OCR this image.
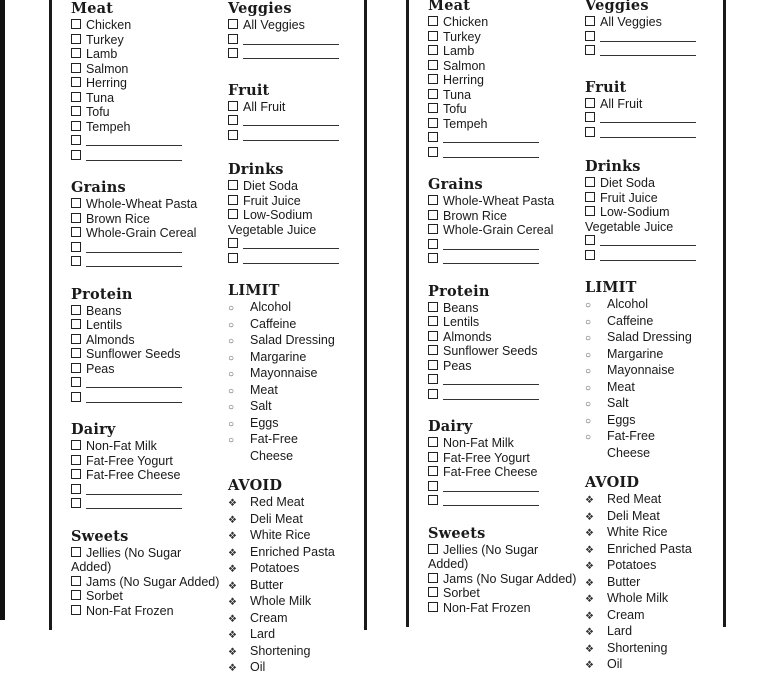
Meat
Chicken
Turkey
Lamb
Salmon
Herring
Tuna
Tofu
Tempeh
Grains
Whole-Wheat Pasta
Brown Rice
Whole-Grain Cereal
Protein
Beans
Lentils
Almonds
Sunflower Seeds
Peas
Dairy
Non-Fat Milk
Fat-Free Yogurt
Fat-Free Cheese
Sweets
Jellies (No Sugar Added)
Jams (No Sugar Added)
Sorbet
Non-Fat Frozen
Veggies
All Veggies
Fruit
All Fruit
Drinks
Diet Soda
Fruit Juice
Low-Sodium Vegetable Juice
LIMIT
○ Alcohol
○ Caffeine
○ Salad Dressing
○ Margarine
○ Mayonnaise
○ Meat
○ Salt
○ Eggs
○ Fat-Free
Cheese
AVOID
❖ Red Meat
❖ Deli Meat
❖ White Rice
❖ Enriched Pasta
❖ Potatoes
❖ Butter
❖ Whole Milk
❖ Cream
❖ Lard
❖ Shortening
❖ Oil
Meat
Chicken
Turkey
Lamb
Salmon
Herring
Tuna
Tofu
Tempeh
Grains
Whole-Wheat Pasta
Brown Rice
Whole-Grain Cereal
Protein
Beans
Lentils
Almonds
Sunflower Seeds
Peas
Dairy
Non-Fat Milk
Fat-Free Yogurt
Fat-Free Cheese
Sweets
Jellies (No Sugar Added)
Jams (No Sugar Added)
Sorbet
Non-Fat Frozen
Veggies
All Veggies
Fruit
All Fruit
Drinks
Diet Soda
Fruit Juice
Low-Sodium Vegetable Juice
LIMIT
○ Alcohol
○ Caffeine
○ Salad Dressing
○ Margarine
○ Mayonnaise
○ Meat
○ Salt
○ Eggs
○ Fat-Free
Cheese
AVOID
❖ Red Meat
❖ Deli Meat
❖ White Rice
❖ Enriched Pasta
❖ Potatoes
❖ Butter
❖ Whole Milk
❖ Cream
❖ Lard
❖ Shortening
❖ Oil
